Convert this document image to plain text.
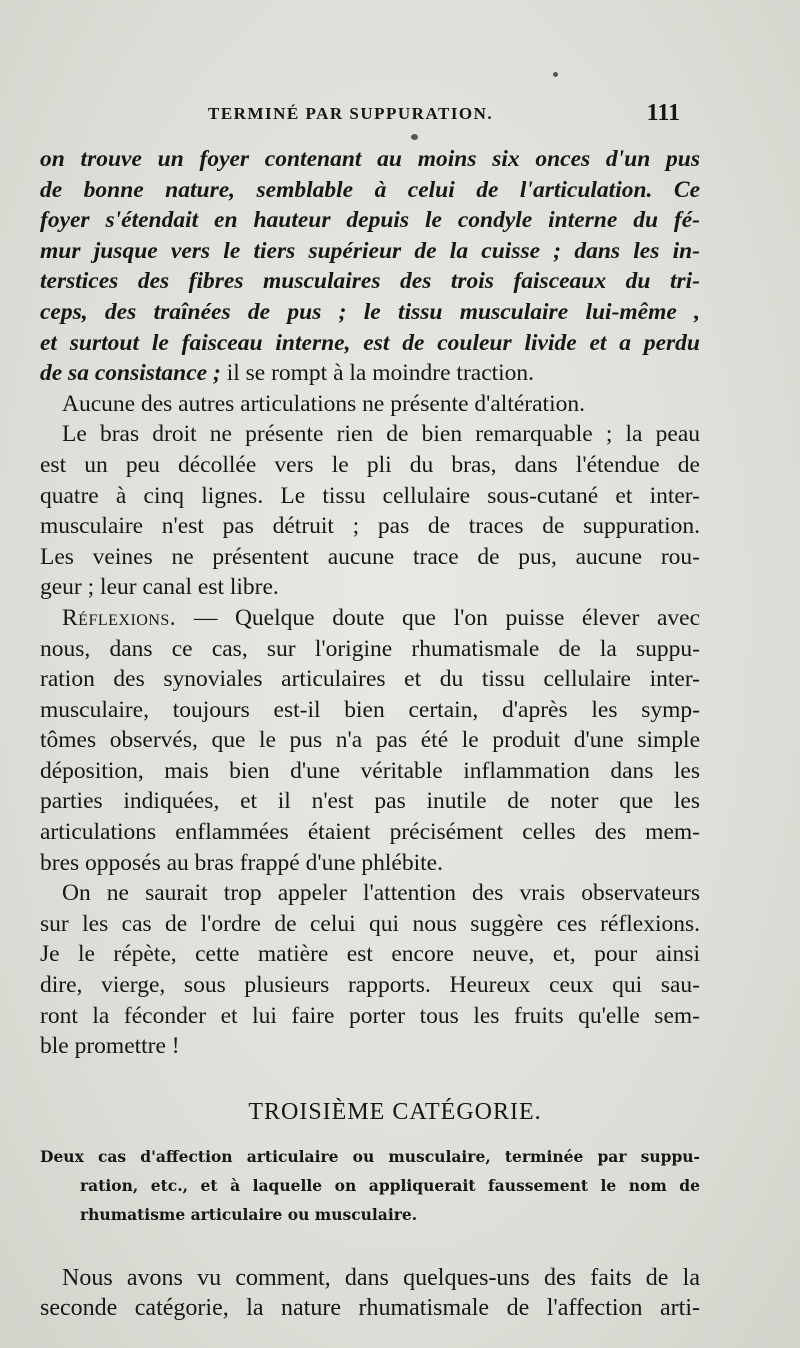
TERMINÉ PAR SUPPURATION.	111
on trouve un foyer contenant au moins six onces d'un pus
de bonne nature, semblable à celui de l'articulation. Ce
foyer s'étendait en hauteur depuis le condyle interne du fé-
mur jusque vers le tiers supérieur de la cuisse ; dans les in-
terstices des fibres musculaires des trois faisceaux du tri-
ceps, des traînées de pus ; le tissu musculaire lui-même ,
et surtout le faisceau interne, est de couleur livide et a perdu
de sa consistance ; il se rompt à la moindre traction.
Aucune des autres articulations ne présente d'altération.
Le bras droit ne présente rien de bien remarquable ; la peau
est un peu décollée vers le pli du bras, dans l'étendue de
quatre à cinq lignes. Le tissu cellulaire sous-cutané et inter-
musculaire n'est pas détruit ; pas de traces de suppuration.
Les veines ne présentent aucune trace de pus, aucune rou-
geur ; leur canal est libre.
Réflexions. — Quelque doute que l'on puisse élever avec
nous, dans ce cas, sur l'origine rhumatismale de la suppu-
ration des synoviales articulaires et du tissu cellulaire inter-
musculaire, toujours est-il bien certain, d'après les symp-
tômes observés, que le pus n'a pas été le produit d'une simple
déposition, mais bien d'une véritable inflammation dans les
parties indiquées, et il n'est pas inutile de noter que les
articulations enflammées étaient précisément celles des mem-
bres opposés au bras frappé d'une phlébite.
On ne saurait trop appeler l'attention des vrais observateurs
sur les cas de l'ordre de celui qui nous suggère ces réflexions.
Je le répète, cette matière est encore neuve, et, pour ainsi
dire, vierge, sous plusieurs rapports. Heureux ceux qui sau-
ront la féconder et lui faire porter tous les fruits qu'elle sem-
ble promettre !
TROISIÈME CATÉGORIE.
Deux cas d'affection articulaire ou musculaire, terminée par suppu-
ration, etc., et à laquelle on appliquerait faussement le nom de
rhumatisme articulaire ou musculaire.
Nous avons vu comment, dans quelques-uns des faits de la
seconde catégorie, la nature rhumatismale de l'affection arti-
